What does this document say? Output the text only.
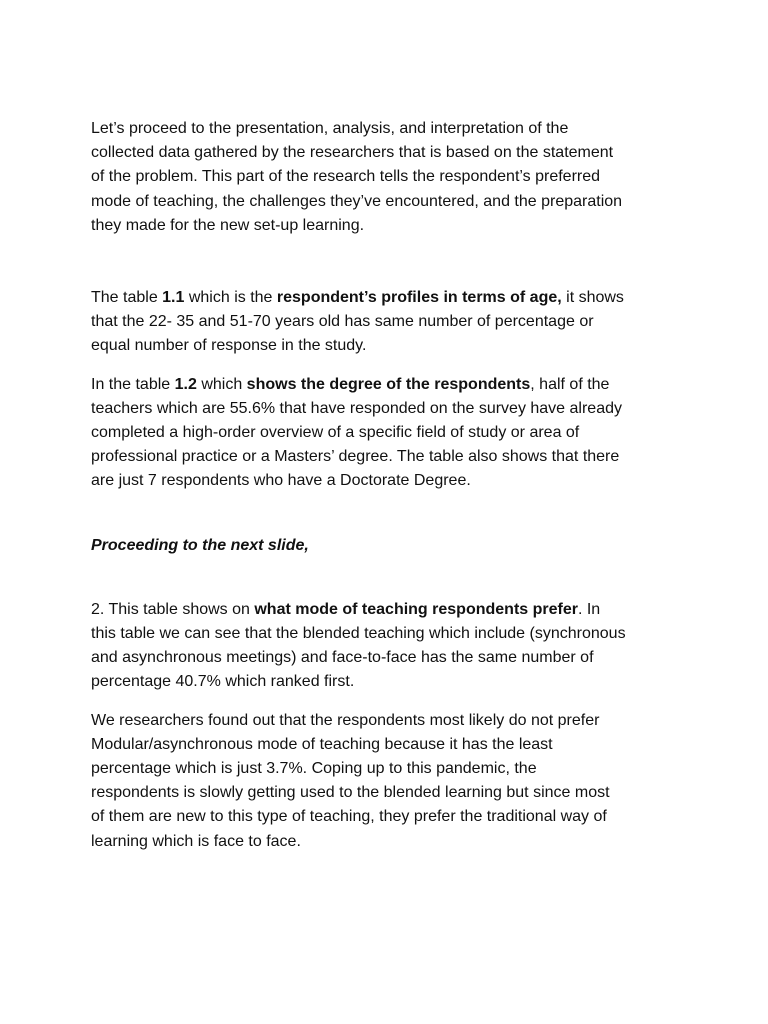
Let’s proceed to the presentation, analysis, and interpretation of the
collected data gathered by the researchers that is based on the statement
of the problem. This part of the research tells the respondent’s preferred
mode of teaching, the challenges they’ve encountered, and the preparation
they made for the new set-up learning.

The table 1.1 which is the respondent’s profiles in terms of age, it shows
that the 22- 35 and 51-70 years old has same number of percentage or
equal number of response in the study.

In the table 1.2 which shows the degree of the respondents, half of the
teachers which are 55.6% that have responded on the survey have already
completed a high-order overview of a specific field of study or area of
professional practice or a Masters’ degree. The table also shows that there
are just 7 respondents who have a Doctorate Degree.

Proceeding to the next slide,

2. This table shows on what mode of teaching respondents prefer. In
this table we can see that the blended teaching which include (synchronous
and asynchronous meetings) and face-to-face has the same number of
percentage 40.7% which ranked first.

We researchers found out that the respondents most likely do not prefer
Modular/asynchronous mode of teaching because it has the least
percentage which is just 3.7%. Coping up to this pandemic, the
respondents is slowly getting used to the blended learning but since most
of them are new to this type of teaching, they prefer the traditional way of
learning which is face to face.
